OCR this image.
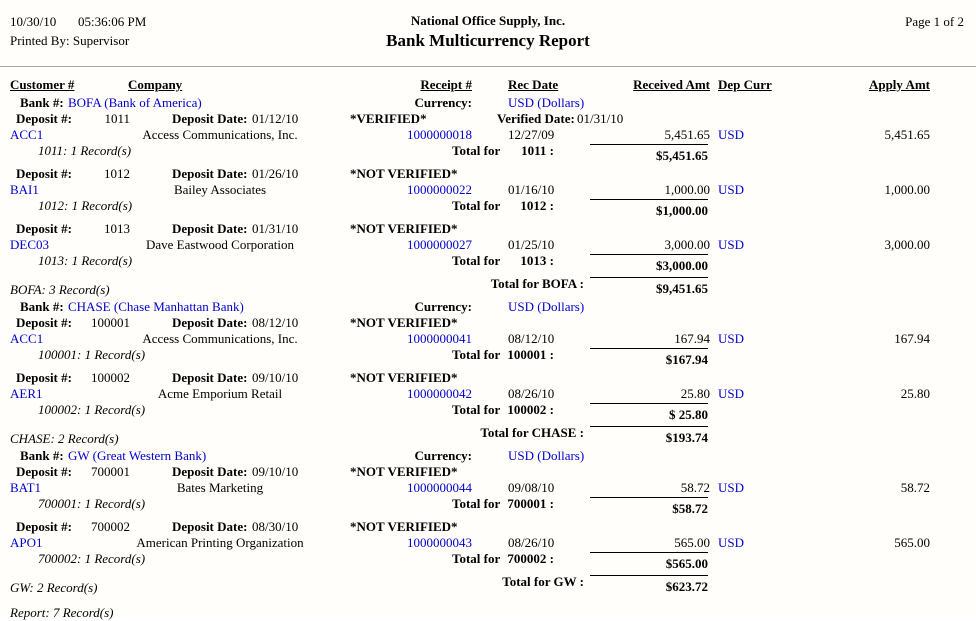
10/30/10 05:36:06 PM	National Office Supply, Inc.	Page 1 of 2
Printed By: Supervisor	Bank Multicurrency Report
Customer #	Company	Receipt #	Rec Date	Received Amt Dep Curr	Apply Amt
Bank #: BOFA (Bank of America)	Currency:	USD (Dollars)
Deposit #:	1011	Deposit Date: 01/12/10	*VERIFIED*	Verified Date: 01/31/10
ACC1	Access Communications, Inc.	1000000018	12/27/09	5,451.65 USD	5,451.65
1011: 1 Record(s)	Total for	1011 :	$5,451.65
Deposit #:	1012	Deposit Date: 01/26/10	*NOT VERIFIED*
BAI1	Bailey Associates	1000000022	01/16/10	1,000.00 USD	1,000.00
1012: 1 Record(s)	Total for	1012 :	$1,000.00
Deposit #:	1013	Deposit Date: 01/31/10	*NOT VERIFIED*
DEC03	Dave Eastwood Corporation	1000000027	01/25/10	3,000.00 USD	3,000.00
1013: 1 Record(s)	Total for	1013 :	$3,000.00
BOFA: 3 Record(s)	Total for BOFA :	$9,451.65
Bank #: CHASE (Chase Manhattan Bank)	Currency:	USD (Dollars)
Deposit #:	100001	Deposit Date: 08/12/10	*NOT VERIFIED*
ACC1	Access Communications, Inc.	1000000041	08/12/10	167.94 USD	167.94
100001: 1 Record(s)	Total for 100001 :	$167.94
Deposit #:	100002	Deposit Date: 09/10/10	*NOT VERIFIED*
AER1	Acme Emporium Retail	1000000042	08/26/10	25.80 USD	25.80
100002: 1 Record(s)	Total for 100002 :	$ 25.80
CHASE: 2 Record(s)	Total for CHASE :	$193.74
Bank #: GW (Great Western Bank)	Currency:	USD (Dollars)
Deposit #:	700001	Deposit Date: 09/10/10	*NOT VERIFIED*
BAT1	Bates Marketing	1000000044	09/08/10	58.72 USD	58.72
700001: 1 Record(s)	Total for 700001 :	$58.72
Deposit #:	700002	Deposit Date: 08/30/10	*NOT VERIFIED*
APO1	American Printing Organization	1000000043	08/26/10	565.00 USD	565.00
700002: 1 Record(s)	Total for 700002 :	$565.00
GW: 2 Record(s)	Total for GW :	$623.72
Report: 7 Record(s)
